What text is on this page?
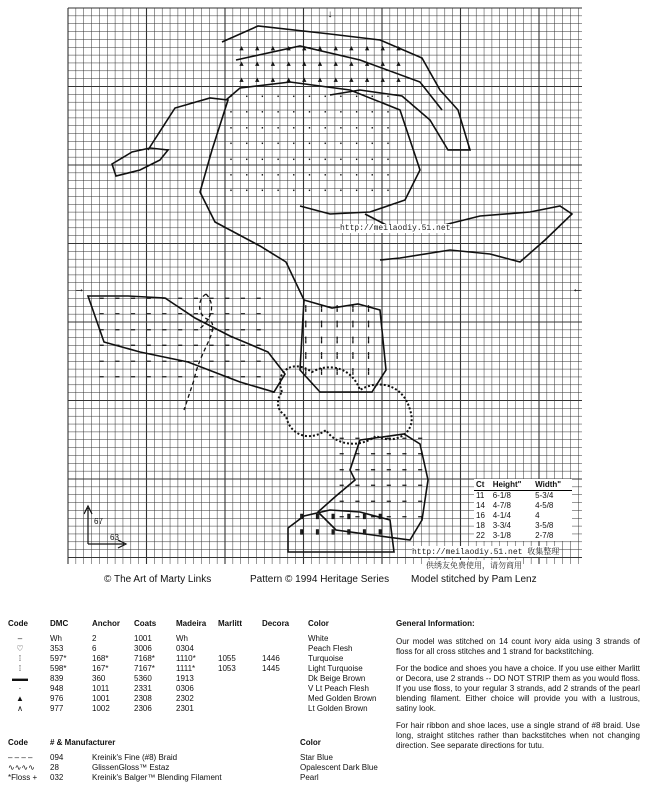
▴ ▴ ▴ ▴ ▴ ▴ ▴ ▴ ▴ ▴ ▴
▴ ▴ ▴ ▴ ▴ ▴ ▴ ▴ ▴ ▴ ▴
▴ ▴ ▴ ▴ ▴ ▴ ▴ ▴ ▴ ▴ ▴
· · · · · · · · · · ·
· · · · · · · · · · ·
· · · · · · · · · · ·
· · · · · · · · · · ·
· · · · · · · · · · ·
· · · · · · · · · · ·
· · · · · · · · · · ·
¦ ¦ ¦ ¦ ¦
¦ ¦ ¦ ¦ ¦
¦ ¦ ¦ ¦ ¦
¦ ¦ ¦ ¦ ¦
¦ ¦ ¦ ¦ ¦
– – – – – – – – – – –
– – – – – – – – – – –
– – – – – – – – – – –
– – – – – – – – – – –
– – – – – – – – – – –
– – – – – – – – – – –
– – – – – –
– – – – – –
– – – – – –
– – – – – –
– – – – – –
– – – – – –
▮ ▮ ▮ ▮ ▮ ▮
▮ ▮ ▮ ▮ ▮ ▮
↓
→	←
63
67
http://meilaodiy.51.net
http://meilaodiy.51.net 收集整理
供绣友免费使用，请勿商用
Ct	Height"	Width"
11	6-1/8	5-3/4
14	4-7/8	4-5/8
16	4-1/4	4
18	3-3/4	3-5/8
22	3-1/8	2-7/8
© The Art of Marty Links	Pattern © 1994 Heritage Series Model stitched by Pam Lenz
Code	DMC	Anchor	Coats	Madeira	Marlitt	Decora	Color
–	Wh	2	1001	Wh			White
♡	353	6	3006	0304			Peach Flesh
⁞	597*	168*	7168*	1110*	1055	1446	Turquoise
⁞	598*	167*	7167*	1111*	1053	1445	Light Turquoise
▬▬	839	360	5360	1913			Dk Beige Brown
·	948	1011	2331	0306			V Lt Peach Flesh
▲	976	1001	2308	2302			Med Golden Brown
∧	977	1002	2306	2301			Lt Golden Brown
Code	# & Manufacturer		Color
– – – –	094	Kreinik's Fine (#8) Braid	Star Blue
∿∿∿∿	28	GlissenGloss™ Estaz	Opalescent Dark Blue
*Floss +	032	Kreinik's Balger™ Blending Filament	Pearl
General Information:

Our model was stitched on 14 count ivory aida using 3 strands of floss for all cross stitches and 1 strand for backstitching.

For the bodice and shoes you have a choice. If you use either Marlitt or Decora, use 2 strands -- DO NOT STRIP them as you would floss. If you use floss, to your regular 3 strands, add 2 strands of the pearl blending filament. Either choice will provide you with a lustrous, satiny look.

For hair ribbon and shoe laces, use a single strand of #8 braid. Use long, straight stitches rather than backstitches when not changing direction. See separate directions for tutu.
